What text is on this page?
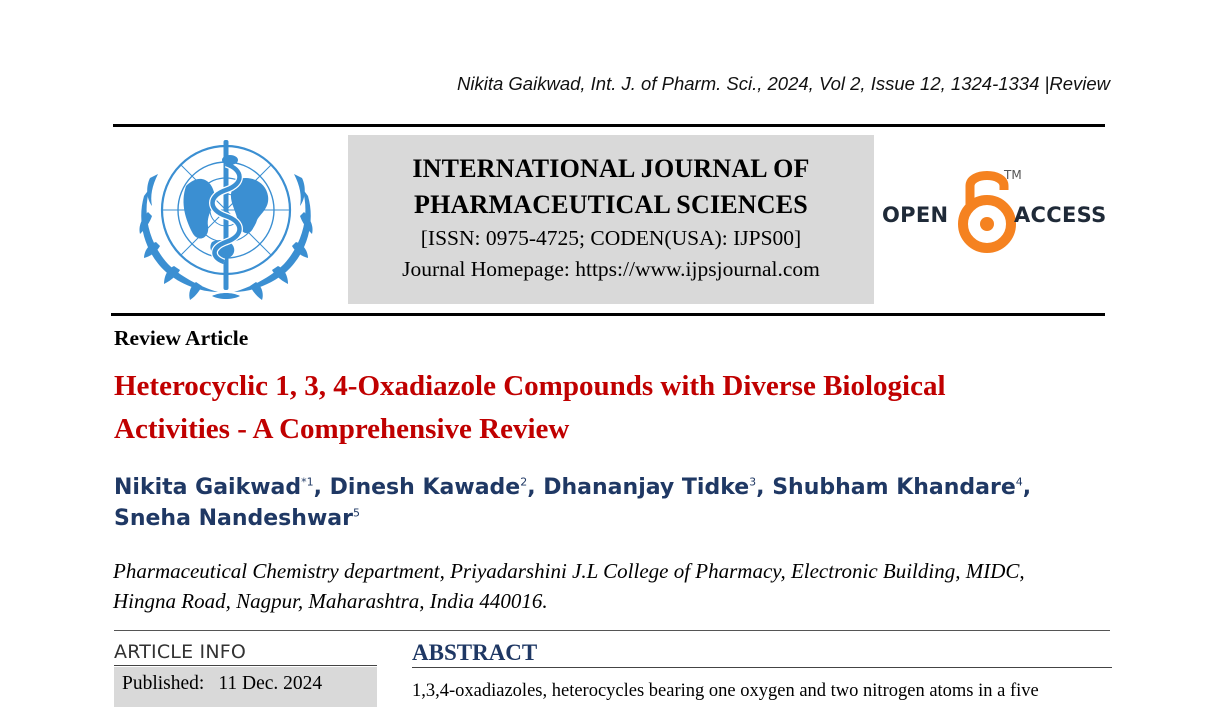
Nikita Gaikwad, Int. J. of Pharm. Sci., 2024, Vol 2, Issue 12, 1324-1334 |Review
INTERNATIONAL JOURNAL OF
PHARMACEUTICAL SCIENCES
[ISSN: 0975-4725; CODEN(USA): IJPS00]
Journal Homepage: https://www.ijpsjournal.com
OPEN
TM
ACCESS
Review Article
Heterocyclic 1, 3, 4-Oxadiazole Compounds with Diverse Biological
Activities - A Comprehensive Review
Nikita Gaikwad$^{*1}$, Dinesh Kawade$^2$, Dhananjay Tidke$^3$, Shubham Khandare$^4$, Sneha Nandeshwar$^5$
Pharmaceutical Chemistry department, Priyadarshini J.L College of Pharmacy, Electronic Building, MIDC,
Hingna Road, Nagpur, Maharashtra, India 440016.
ARTICLE INFO
Published: 11 Dec. 2024
ABSTRACT
1,3,4-oxadiazoles, heterocycles bearing one oxygen and two nitrogen atoms in a five
